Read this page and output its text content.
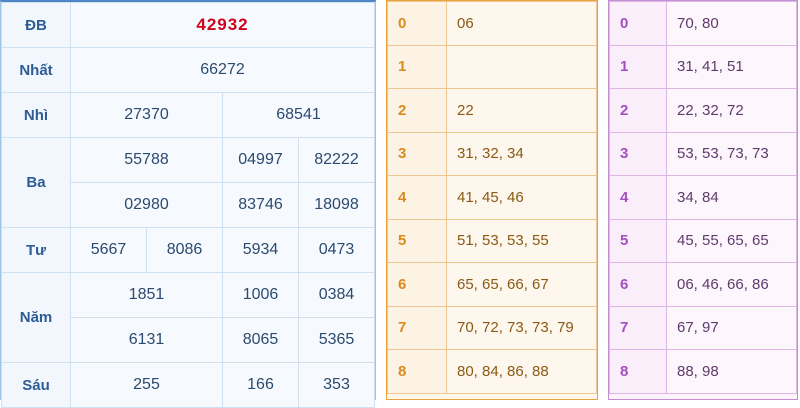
ĐB	42932			
Nhất	66272			
Nhì	27370		68541	
Ba	55788		04997	82222
	02980		83746	18098
Tư	5667	8086	5934	0473
Năm	1851		1006	0384
	6131		8065	5365
Sáu	255		166	353
0	06
1	
2	22
3	31, 32, 34
4	41, 45, 46
5	51, 53, 53, 55
6	65, 65, 66, 67
7	70, 72, 73, 73, 79
8	80, 84, 86, 88
0	70, 80
1	31, 41, 51
2	22, 32, 72
3	53, 53, 73, 73
4	34, 84
5	45, 55, 65, 65
6	06, 46, 66, 86
7	67, 97
8	88, 98
